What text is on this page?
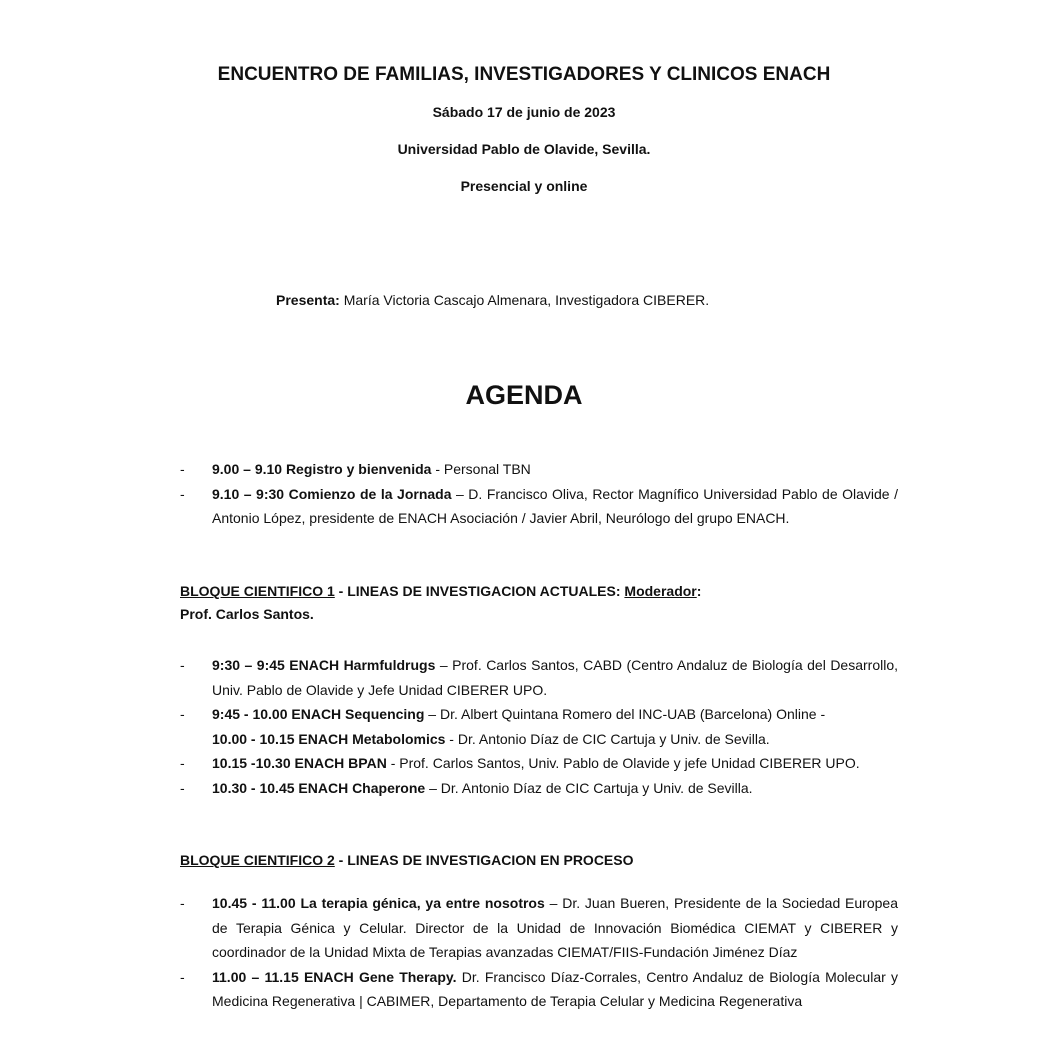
ENCUENTRO DE FAMILIAS, INVESTIGADORES Y CLINICOS ENACH
Sábado 17 de junio de 2023
Universidad Pablo de Olavide, Sevilla.
Presencial y online
Presenta: María Victoria Cascajo Almenara, Investigadora CIBERER.
AGENDA
- 9.00 – 9.10 Registro y bienvenida - Personal TBN
- 9.10 – 9:30 Comienzo de la Jornada – D. Francisco Oliva, Rector Magnífico Universidad Pablo de Olavide / Antonio López, presidente de ENACH Asociación / Javier Abril, Neurólogo del grupo ENACH.
BLOQUE CIENTIFICO 1 - LINEAS DE INVESTIGACION ACTUALES: Moderador:
Prof. Carlos Santos.
- 9:30 – 9:45 ENACH Harmfuldrugs – Prof. Carlos Santos, CABD (Centro Andaluz de Biología del Desarrollo, Univ. Pablo de Olavide y Jefe Unidad CIBERER UPO.
- 9:45 - 10.00 ENACH Sequencing – Dr. Albert Quintana Romero del INC-UAB (Barcelona) Online -
10.00 - 10.15 ENACH Metabolomics - Dr. Antonio Díaz de CIC Cartuja y Univ. de Sevilla.
- 10.15 -10.30 ENACH BPAN - Prof. Carlos Santos, Univ. Pablo de Olavide y jefe Unidad CIBERER UPO.
- 10.30 - 10.45 ENACH Chaperone – Dr. Antonio Díaz de CIC Cartuja y Univ. de Sevilla.
BLOQUE CIENTIFICO 2 - LINEAS DE INVESTIGACION EN PROCESO
- 10.45 - 11.00 La terapia génica, ya entre nosotros – Dr. Juan Bueren, Presidente de la Sociedad Europea de Terapia Génica y Celular. Director de la Unidad de Innovación Biomédica CIEMAT y CIBERER y coordinador de la Unidad Mixta de Terapias avanzadas CIEMAT/FIIS-Fundación Jiménez Díaz
- 11.00 – 11.15 ENACH Gene Therapy. Dr. Francisco Díaz-Corrales, Centro Andaluz de Biología Molecular y Medicina Regenerativa | CABIMER, Departamento de Terapia Celular y Medicina Regenerativa
